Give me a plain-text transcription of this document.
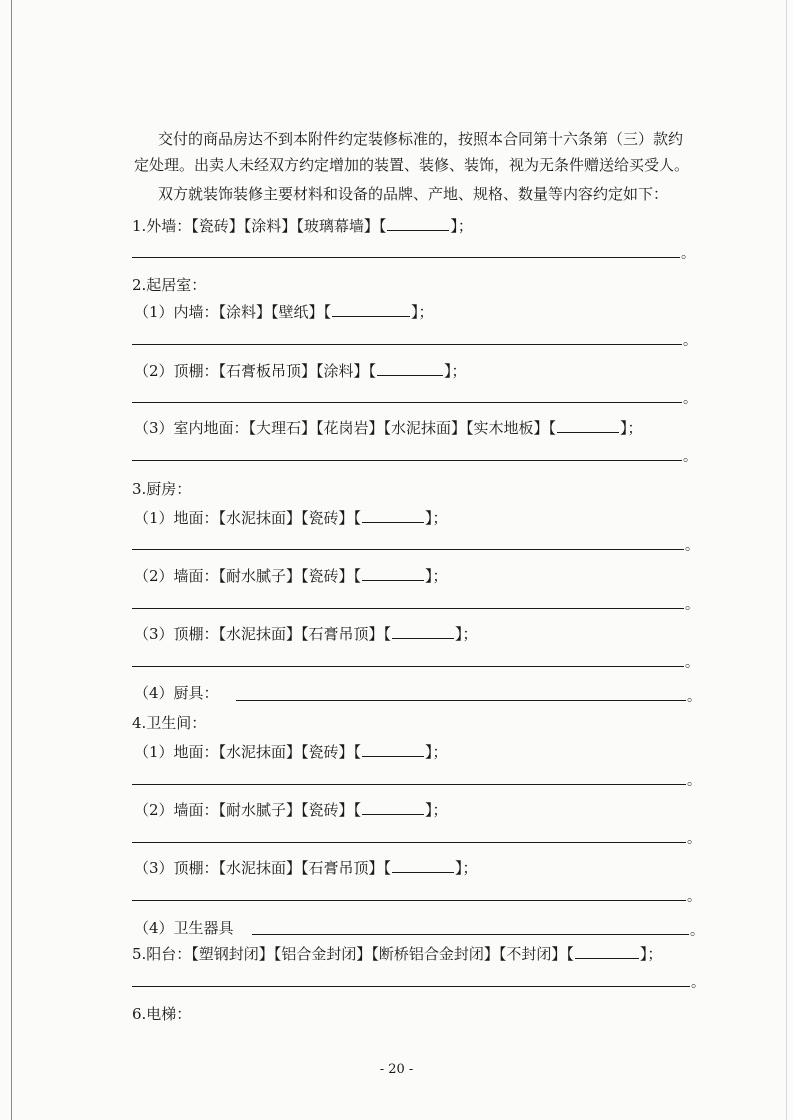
交付的商品房达不到本附件约定装修标准的，按照本合同第十六条第（三）款约
定处理。出卖人未经双方约定增加的装置、装修、装饰，视为无条件赠送给买受人。
双方就装饰装修主要材料和设备的品牌、产地、规格、数量等内容约定如下：
1.外墙：【瓷砖】【涂料】【玻璃幕墙】【	】；
。
2.起居室：
（1）内墙：【涂料】【壁纸】【	】；
。
（2）顶棚：【石膏板吊顶】【涂料】【	】；
。
（3）室内地面：【大理石】【花岗岩】【水泥抹面】【实木地板】【	】；
。
3.厨房：
（1）地面：【水泥抹面】【瓷砖】【	】；
。
（2）墙面：【耐水腻子】【瓷砖】【	】；
。
（3）顶棚：【水泥抹面】【石膏吊顶】【	】；
。
（4）厨具：	。
4.卫生间：
（1）地面：【水泥抹面】【瓷砖】【	】；
。
（2）墙面：【耐水腻子】【瓷砖】【	】；
。
（3）顶棚：【水泥抹面】【石膏吊顶】【	】；
。
（4）卫生器具	。
5.阳台：【塑钢封闭】【铝合金封闭】【断桥铝合金封闭】【不封闭】【	】；
。
6.电梯：
- 20 -
